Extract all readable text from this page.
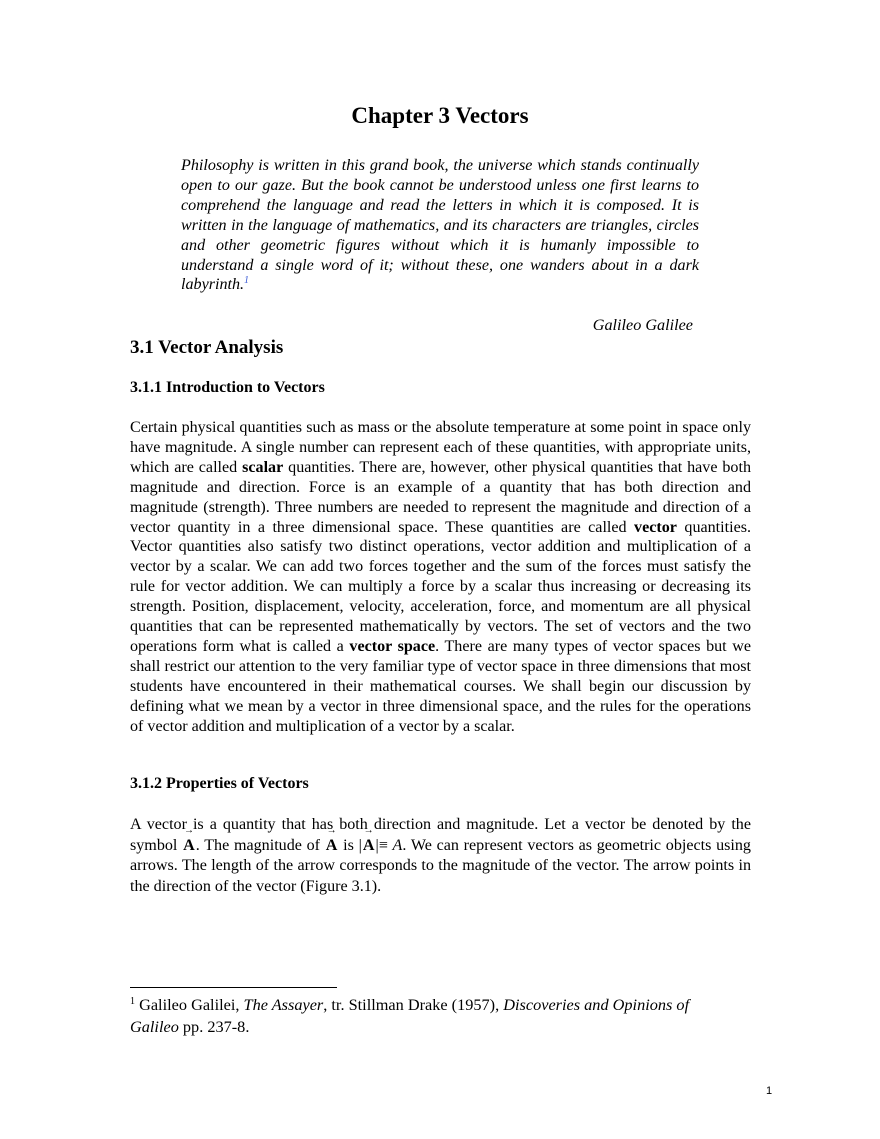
Chapter 3 Vectors

Philosophy is written in this grand book, the universe which stands continually open to our gaze. But the book cannot be understood unless one first learns to comprehend the language and read the letters in which it is composed. It is written in the language of mathematics, and its characters are triangles, circles and other geometric figures without which it is humanly impossible to understand a single word of it; without these, one wanders about in a dark labyrinth.$^1$

Galileo Galilee

3.1 Vector Analysis
3.1.1 Introduction to Vectors

Certain physical quantities such as mass or the absolute temperature at some point in space only have magnitude. A single number can represent each of these quantities, with appropriate units, which are called scalar quantities. There are, however, other physical quantities that have both magnitude and direction. Force is an example of a quantity that has both direction and magnitude (strength). Three numbers are needed to represent the magnitude and direction of a vector quantity in a three dimensional space. These quantities are called vector quantities. Vector quantities also satisfy two distinct operations, vector addition and multiplication of a vector by a scalar. We can add two forces together and the sum of the forces must satisfy the rule for vector addition. We can multiply a force by a scalar thus increasing or decreasing its strength. Position, displacement, velocity, acceleration, force, and momentum are all physical quantities that can be represented mathematically by vectors. The set of vectors and the two operations form what is called a vector space. There are many types of vector spaces but we shall restrict our attention to the very familiar type of vector space in three dimensions that most students have encountered in their mathematical courses. We shall begin our discussion by defining what we mean by a vector in three dimensional space, and the rules for the operations of vector addition and multiplication of a vector by a scalar.

3.1.2 Properties of Vectors

A vector is a quantity that has both direction and magnitude. Let a vector be denoted by the symbol → A. The magnitude of → A is |→ A|≡ A. We can represent vectors as geometric objects using arrows. The length of the arrow corresponds to the magnitude of the vector. The arrow points in the direction of the vector (Figure 3.1).

$^1$ Galileo Galilei, The Assayer, tr. Stillman Drake (1957), Discoveries and Opinions of Galileo pp. 237-8.

1
